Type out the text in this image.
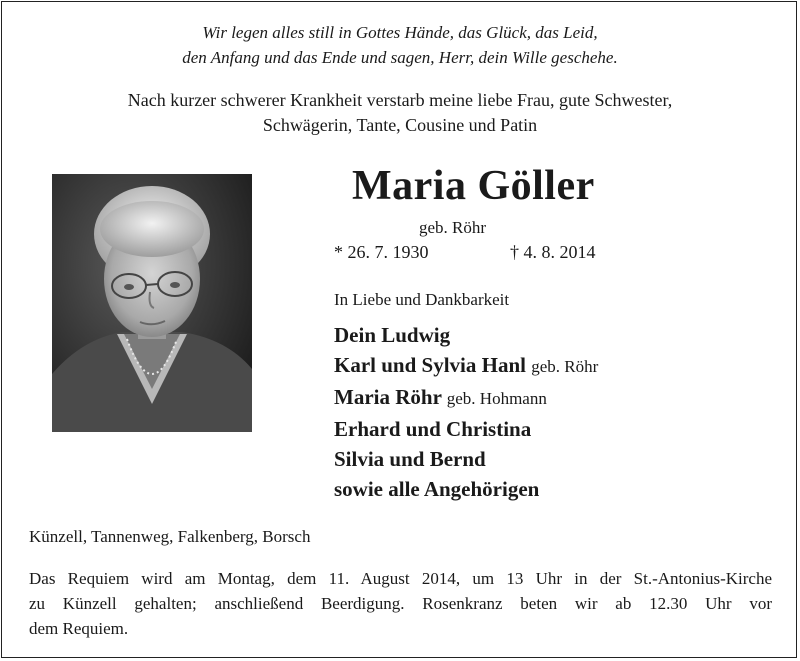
Wir legen alles still in Gottes Hände, das Glück, das Leid,
den Anfang und das Ende und sagen, Herr, dein Wille geschehe.
Nach kurzer schwerer Krankheit verstarb meine liebe Frau, gute Schwester,
Schwägerin, Tante, Cousine und Patin
Maria Göller
geb. Röhr
* 26. 7. 1930	† 4. 8. 2014
In Liebe und Dankbarkeit
Dein Ludwig
Karl und Sylvia Hanl geb. Röhr
Maria Röhr geb. Hohmann
Erhard und Christina
Silvia und Bernd
sowie alle Angehörigen
Künzell, Tannenweg, Falkenberg, Borsch
Das Requiem wird am Montag, dem 11. August 2014, um 13 Uhr in der St.-Antonius-Kirche
zu Künzell gehalten; anschließend Beerdigung. Rosenkranz beten wir ab 12.30 Uhr vor
dem Requiem.
